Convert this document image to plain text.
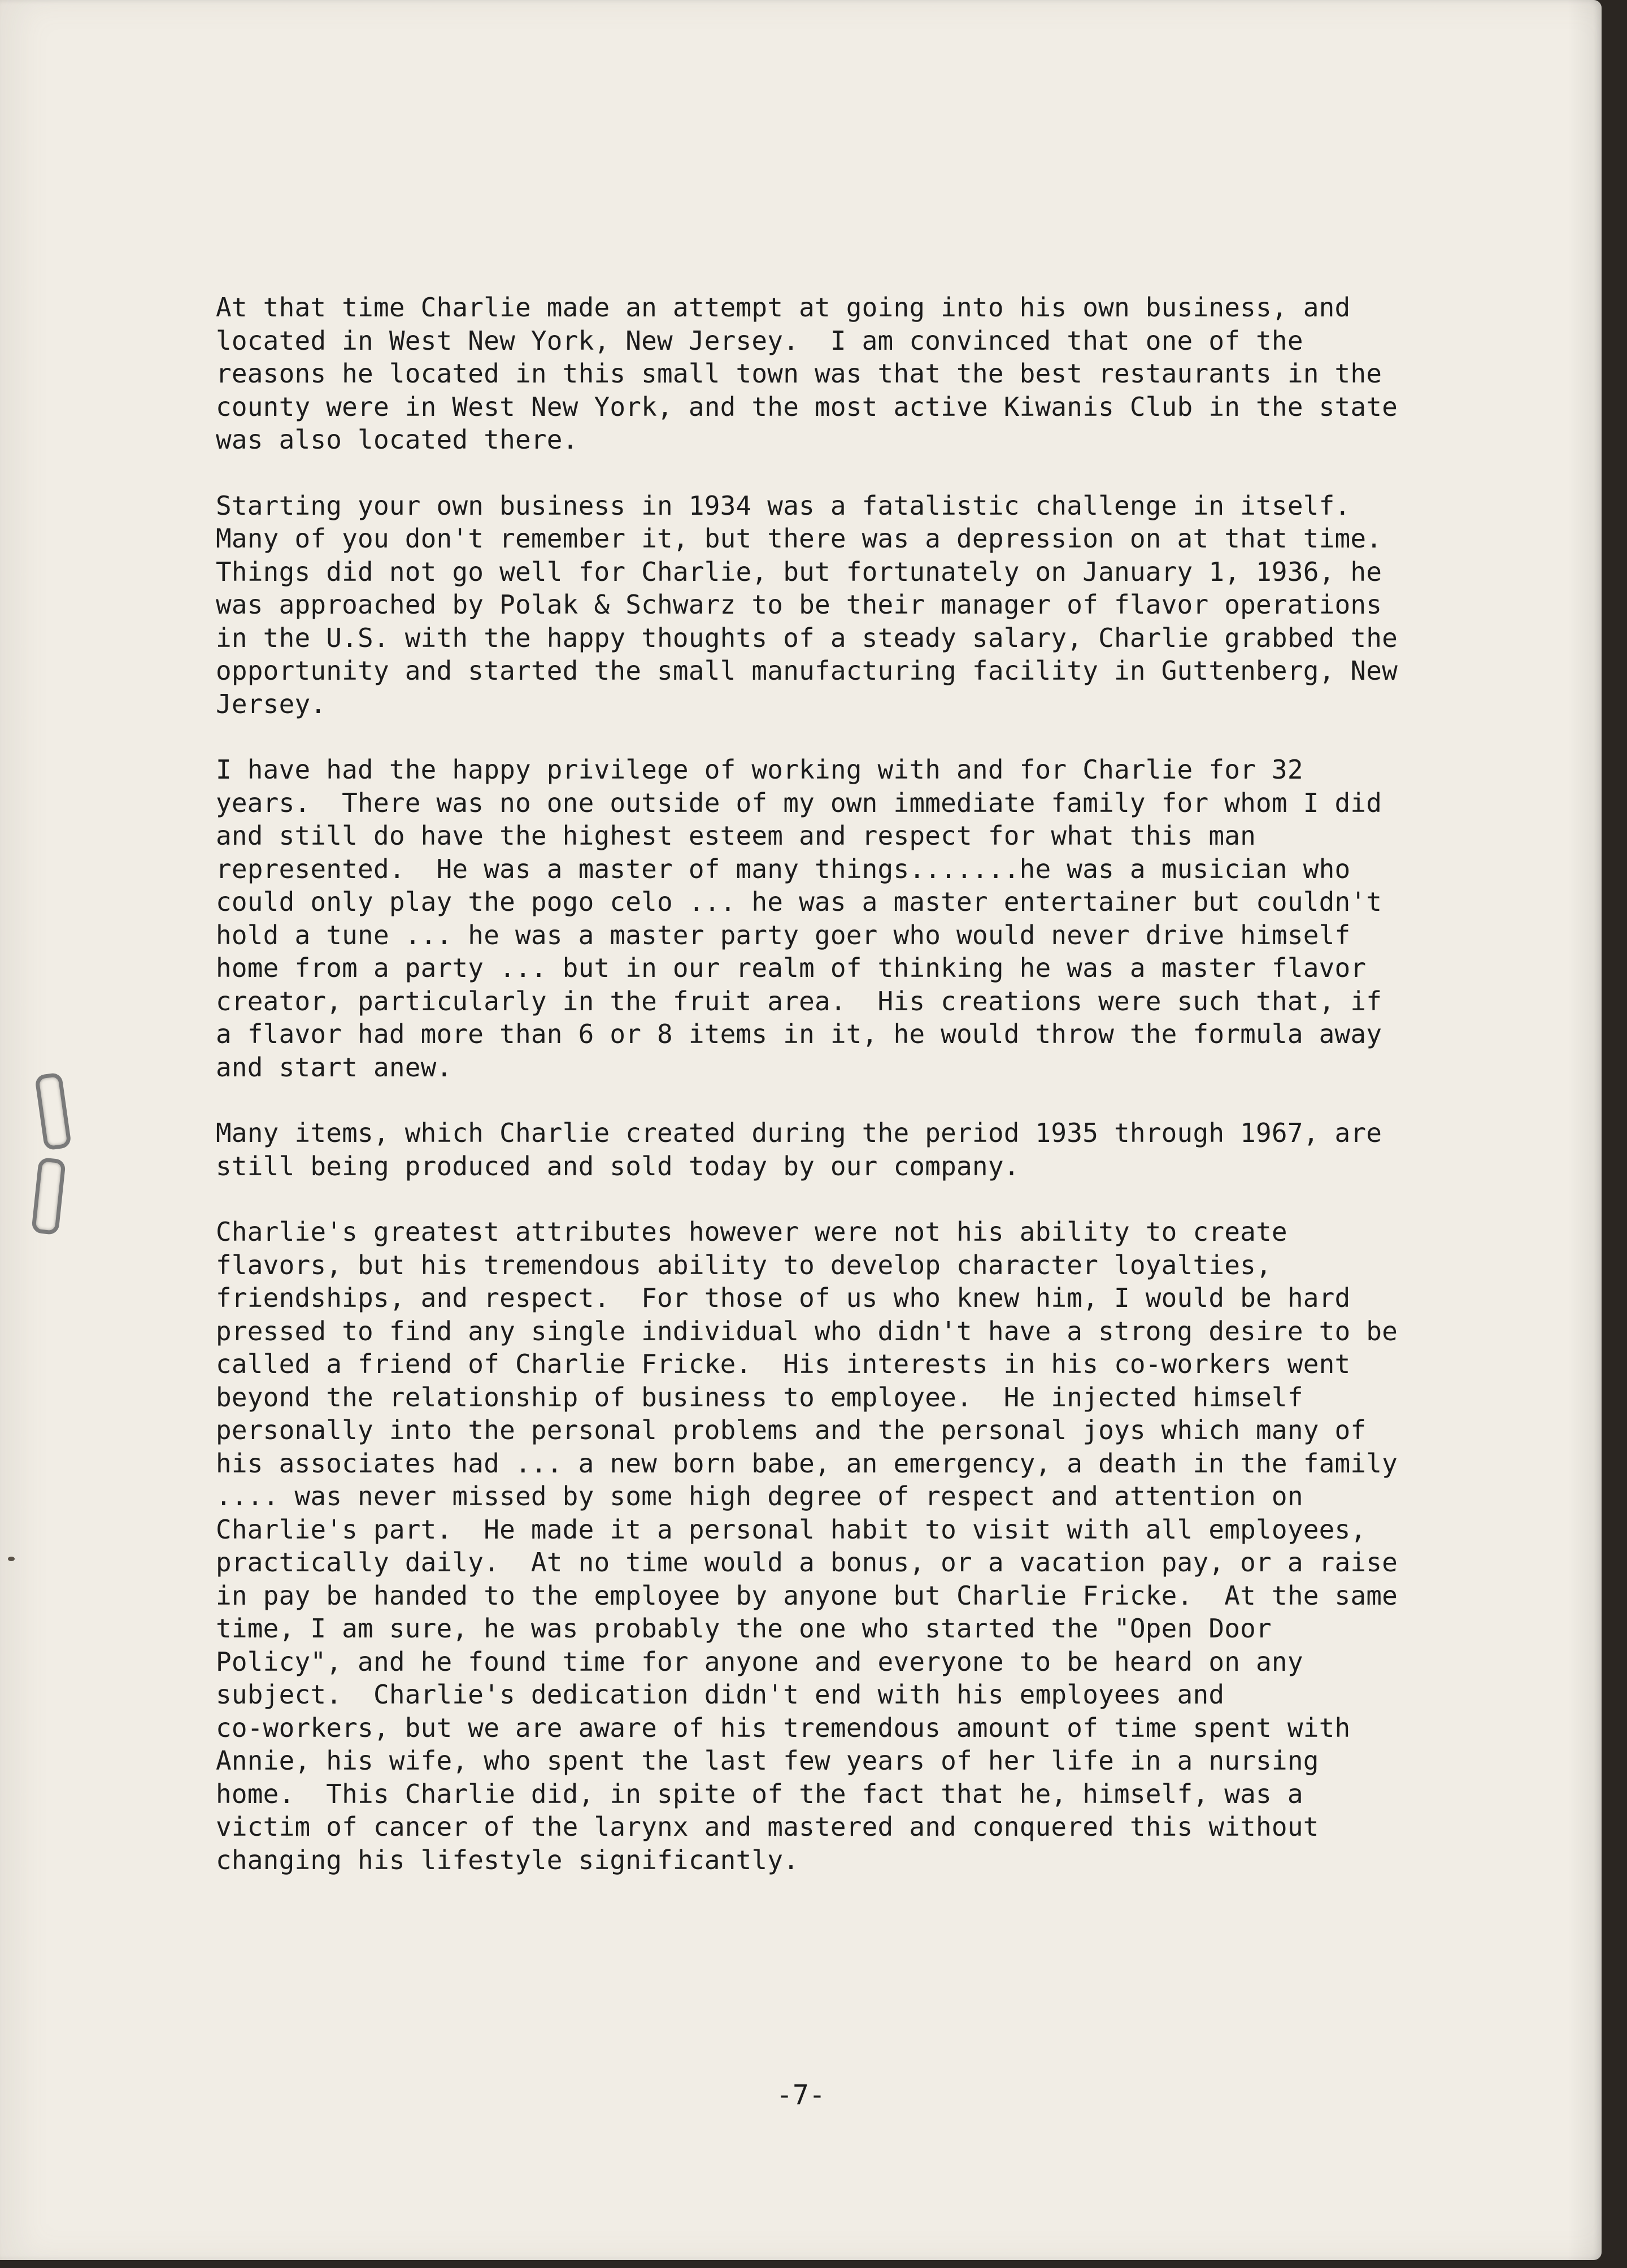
At that time Charlie made an attempt at going into his own business, and
located in West New York, New Jersey.  I am convinced that one of the
reasons he located in this small town was that the best restaurants in the
county were in West New York, and the most active Kiwanis Club in the state
was also located there.

Starting your own business in 1934 was a fatalistic challenge in itself.
Many of you don't remember it, but there was a depression on at that time.
Things did not go well for Charlie, but fortunately on January 1, 1936, he
was approached by Polak & Schwarz to be their manager of flavor operations
in the U.S. with the happy thoughts of a steady salary, Charlie grabbed the
opportunity and started the small manufacturing facility in Guttenberg, New
Jersey.

I have had the happy privilege of working with and for Charlie for 32
years.  There was no one outside of my own immediate family for whom I did
and still do have the highest esteem and respect for what this man
represented.  He was a master of many things.......he was a musician who
could only play the pogo celo ... he was a master entertainer but couldn't
hold a tune ... he was a master party goer who would never drive himself
home from a party ... but in our realm of thinking he was a master flavor
creator, particularly in the fruit area.  His creations were such that, if
a flavor had more than 6 or 8 items in it, he would throw the formula away
and start anew.

Many items, which Charlie created during the period 1935 through 1967, are
still being produced and sold today by our company.

Charlie's greatest attributes however were not his ability to create
flavors, but his tremendous ability to develop character loyalties,
friendships, and respect.  For those of us who knew him, I would be hard
pressed to find any single individual who didn't have a strong desire to be
called a friend of Charlie Fricke.  His interests in his co-workers went
beyond the relationship of business to employee.  He injected himself
personally into the personal problems and the personal joys which many of
his associates had ... a new born babe, an emergency, a death in the family
.... was never missed by some high degree of respect and attention on
Charlie's part.  He made it a personal habit to visit with all employees,
practically daily.  At no time would a bonus, or a vacation pay, or a raise
in pay be handed to the employee by anyone but Charlie Fricke.  At the same
time, I am sure, he was probably the one who started the "Open Door
Policy", and he found time for anyone and everyone to be heard on any
subject.  Charlie's dedication didn't end with his employees and
co-workers, but we are aware of his tremendous amount of time spent with
Annie, his wife, who spent the last few years of her life in a nursing
home.  This Charlie did, in spite of the fact that he, himself, was a
victim of cancer of the larynx and mastered and conquered this without
changing his lifestyle significantly.

-7-
